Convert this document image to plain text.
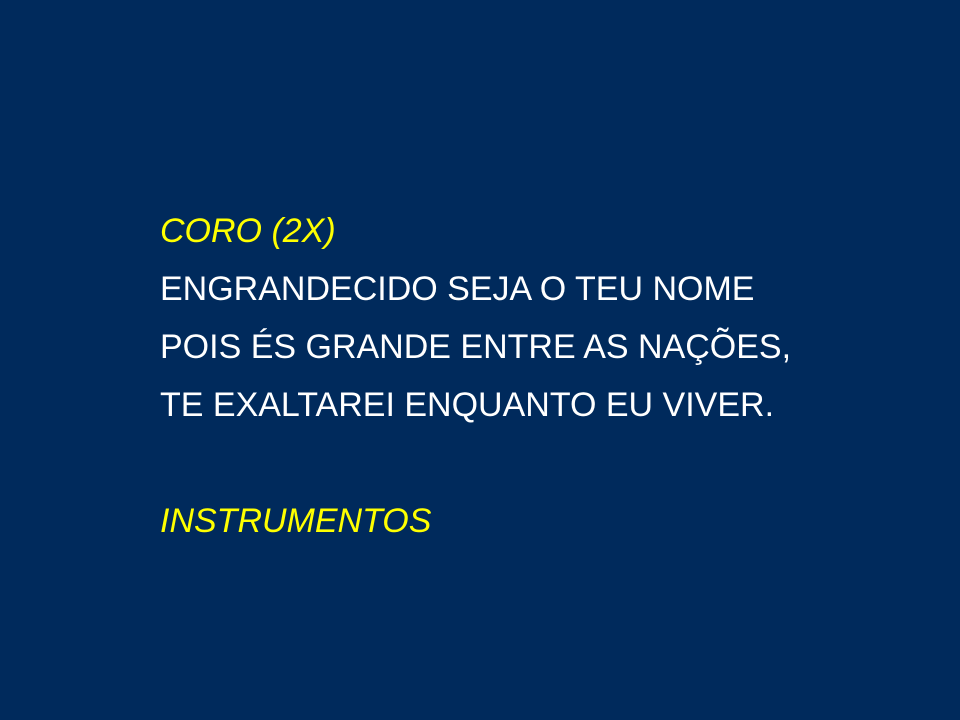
CORO (2X)

ENGRANDECIDO SEJA O TEU NOME

POIS ÉS GRANDE ENTRE AS NAÇÕES,

TE EXALTAREI ENQUANTO EU VIVER.

INSTRUMENTOS
